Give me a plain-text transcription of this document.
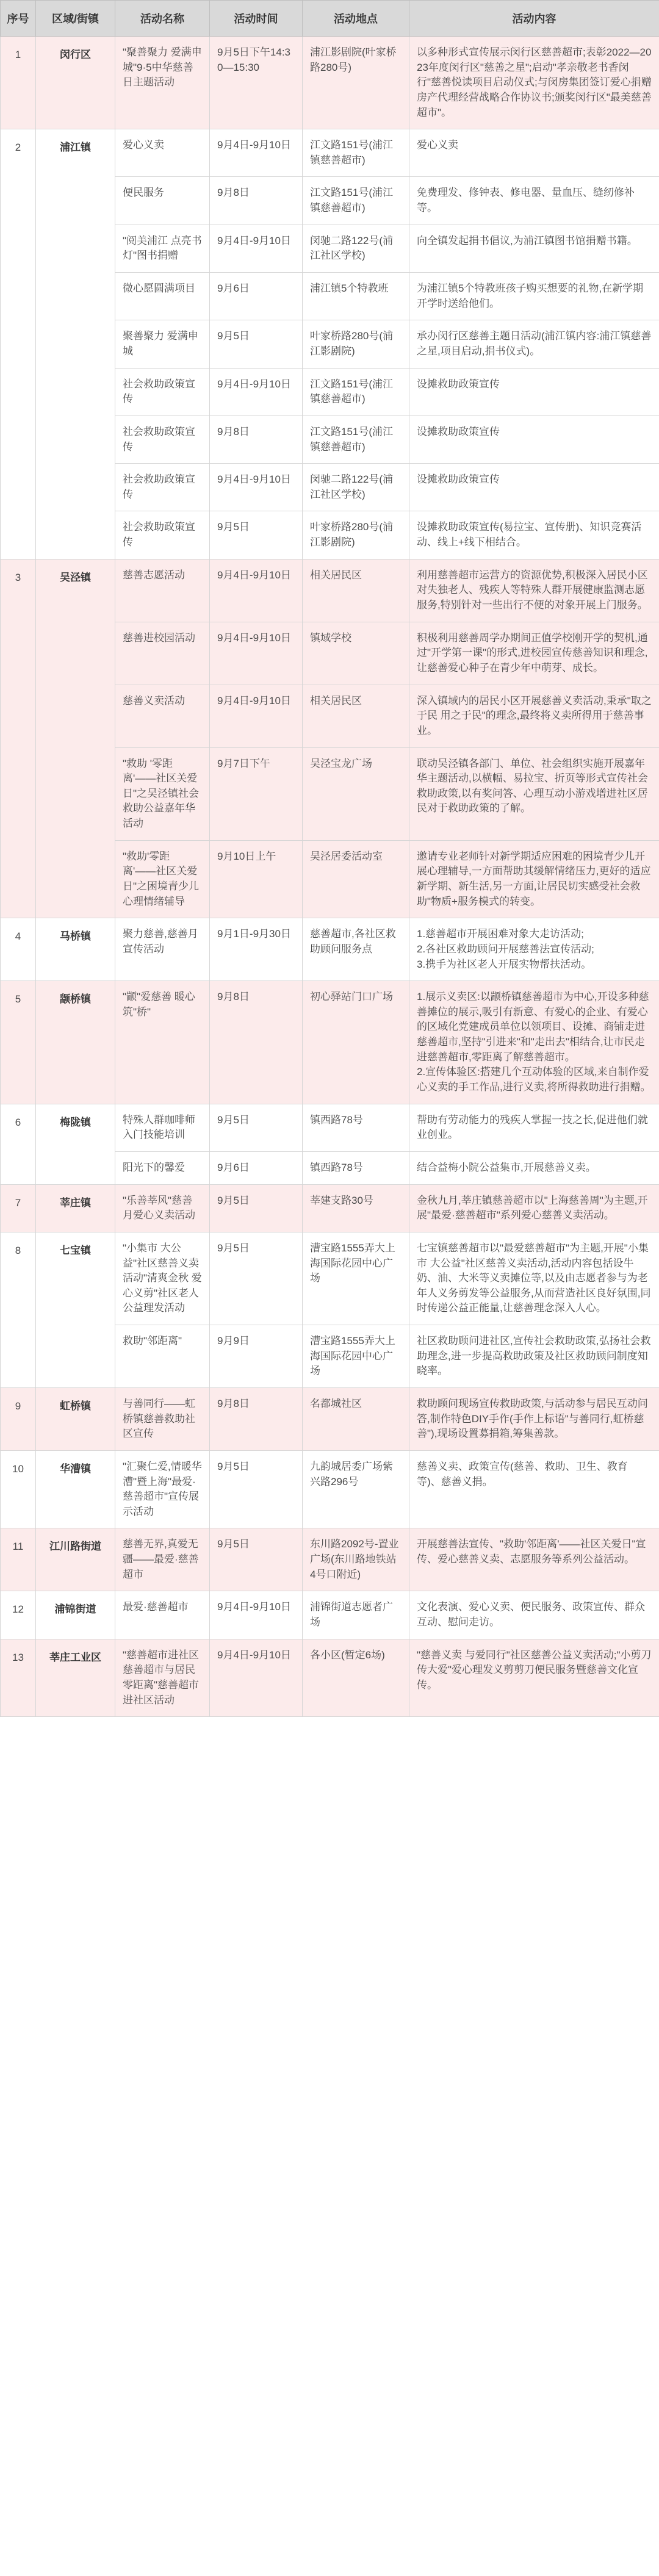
序号	区域/街镇	活动名称	活动时间	活动地点	活动内容
1	闵行区	"聚善聚力 爱满申城"9·5中华慈善日主题活动	9月5日下午14:30—15:30	浦江影剧院(叶家桥路280号)	以多种形式宣传展示闵行区慈善超市;表彰2022—2023年度闵行区"慈善之星";启动"孝亲敬老书香闵行"慈善悦读项目启动仪式;与闵房集团签订爱心捐赠房产代理经营战略合作协议书;颁奖闵行区"最美慈善超市"。
2	浦江镇	爱心义卖	9月4日-9月10日	江文路151号(浦江镇慈善超市)	爱心义卖
		便民服务	9月8日	江文路151号(浦江镇慈善超市)	免费理发、修钟表、修电器、量血压、缝纫修补等。
		"阅美浦江 点亮书灯"图书捐赠	9月4日-9月10日	闵驰二路122号(浦江社区学校)	向全镇发起捐书倡议,为浦江镇图书馆捐赠书籍。
		微心愿圆满项目	9月6日	浦江镇5个特教班	为浦江镇5个特教班孩子购买想要的礼物,在新学期开学时送给他们。
		聚善聚力 爱满申城	9月5日	叶家桥路280号(浦江影剧院)	承办闵行区慈善主题日活动(浦江镇内容:浦江镇慈善之星,项目启动,捐书仪式)。
		社会救助政策宣传	9月4日-9月10日	江文路151号(浦江镇慈善超市)	设摊救助政策宣传
		社会救助政策宣传	9月8日	江文路151号(浦江镇慈善超市)	设摊救助政策宣传
		社会救助政策宣传	9月4日-9月10日	闵驰二路122号(浦江社区学校)	设摊救助政策宣传
		社会救助政策宣传	9月5日	叶家桥路280号(浦江影剧院)	设摊救助政策宣传(易拉宝、宣传册)、知识竞赛活动、线上+线下相结合。
3	吴泾镇	慈善志愿活动	9月4日-9月10日	相关居民区	利用慈善超市运营方的资源优势,积极深入居民小区对失独老人、残疾人等特殊人群开展健康监测志愿服务,特别针对一些出行不便的对象开展上门服务。
		慈善进校园活动	9月4日-9月10日	镇域学校	积极利用慈善周学办期间正值学校刚开学的契机,通过"开学第一课"的形式,进校园宣传慈善知识和理念,让慈善爱心种子在青少年中萌芽、成长。
		慈善义卖活动	9月4日-9月10日	相关居民区	深入镇域内的居民小区开展慈善义卖活动,秉承"取之于民 用之于民"的理念,最终将义卖所得用于慈善事业。
		"救助 '零距离'——社区关爱日"之吴泾镇社会救助公益嘉年华活动	9月7日下午	吴泾宝龙广场	联动吴泾镇各部门、单位、社会组织实施开展嘉年华主题活动,以横幅、易拉宝、折页等形式宣传社会救助政策,以有奖问答、心理互动小游戏增进社区居民对于救助政策的了解。
		"救助'零距离'——社区关爱日"之困境青少儿心理情绪辅导	9月10日上午	吴泾居委活动室	邀请专业老师针对新学期适应困难的困境青少儿开展心理辅导,一方面帮助其缓解情绪压力,更好的适应新学期、新生活,另一方面,让居民切实感受社会救助"物质+服务模式的转变。
4	马桥镇	聚力慈善,慈善月宣传活动	9月1日-9月30日	慈善超市,各社区救助顾问服务点	1.慈善超市开展困难对象大走访活动;
2.各社区救助顾问开展慈善法宣传活动;
3.携手为社区老人开展实物帮扶活动。
5	颛桥镇	"颛"爱慈善 暖心筑"桥"	9月8日	初心驿站门口广场	1.展示义卖区:以颛桥镇慈善超市为中心,开设多种慈善摊位的展示,吸引有新意、有爱心的企业、有爱心的区域化党建成员单位以领项目、设摊、商铺走进慈善超市,坚持"引进来"和"走出去"相结合,让市民走进慈善超市,零距离了解慈善超市。
2.宣传体验区:搭建几个互动体验的区域,来自制作爱心义卖的手工作品,进行义卖,将所得救助进行捐赠。
6	梅陇镇	特殊人群咖啡师入门技能培训	9月5日	镇西路78号	帮助有劳动能力的残疾人掌握一技之长,促进他们就业创业。
		阳光下的馨爱	9月6日	镇西路78号	结合益梅小院公益集市,开展慈善义卖。
7	莘庄镇	"乐善莘风"慈善月爱心义卖活动	9月5日	莘建支路30号	金秋九月,莘庄镇慈善超市以"上海慈善周"为主题,开展"最爱·慈善超市"系列爱心慈善义卖活动。
8	七宝镇	"小集市 大公益"社区慈善义卖活动"清爽金秋 爱心义剪"社区老人公益理发活动	9月5日	漕宝路1555弄大上海国际花园中心广场	七宝镇慈善超市以"最爱慈善超市"为主题,开展"小集市 大公益"社区慈善义卖活动,活动内容包括设牛奶、油、大米等义卖摊位等,以及由志愿者参与为老年人义务剪发等公益服务,从而营造社区良好氛围,同时传递公益正能量,让慈善理念深入人心。
		救助"邻距离"	9月9日	漕宝路1555弄大上海国际花园中心广场	社区救助顾问进社区,宣传社会救助政策,弘扬社会救助理念,进一步提高救助政策及社区救助顾问制度知晓率。
9	虹桥镇	与善同行——虹桥镇慈善救助社区宣传	9月8日	名都城社区	救助顾问现场宣传救助政策,与活动参与居民互动问答,制作特色DIY手作(手作上标语"与善同行,虹桥慈善"),现场设置募捐箱,筹集善款。
10	华漕镇	"汇聚仁爱,情暖华漕"暨上海"最爱·慈善超市"宣传展示活动	9月5日	九韵城居委广场紫兴路296号	慈善义卖、政策宣传(慈善、救助、卫生、教育等)、慈善义捐。
11	江川路街道	慈善无界,真爱无疆——最爱·慈善超市	9月5日	东川路2092号-置业广场(东川路地铁站4号口附近)	开展慈善法宣传、"救助'邻距离'——社区关爱日"宣传、爱心慈善义卖、志愿服务等系列公益活动。
12	浦锦街道	最爱·慈善超市	9月4日-9月10日	浦锦街道志愿者广场	文化表演、爱心义卖、便民服务、政策宣传、群众互动、慰问走访。
13	莘庄工业区	"慈善超市进社区 慈善超市与居民零距离"慈善超市进社区活动	9月4日-9月10日	各小区(暂定6场)	"慈善义卖 与爱同行"社区慈善公益义卖活动;"小剪刀 传大爱"爱心理发义剪剪刀便民服务暨慈善文化宣传。
